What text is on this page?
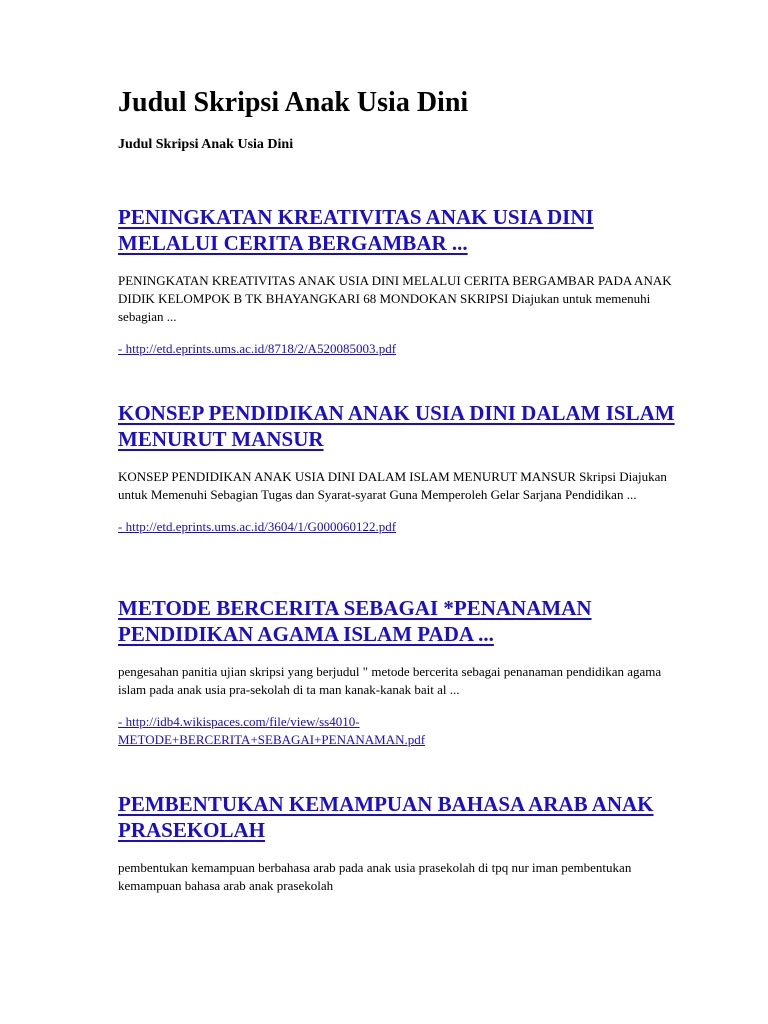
Judul Skripsi Anak Usia Dini

Judul Skripsi Anak Usia Dini

PENINGKATAN KREATIVITAS ANAK USIA DINI MELALUI CERITA BERGAMBAR ...

PENINGKATAN KREATIVITAS ANAK USIA DINI MELALUI CERITA BERGAMBAR PADA ANAK DIDIK KELOMPOK B TK BHAYANGKARI 68 MONDOKAN SKRIPSI Diajukan untuk memenuhi sebagian ...

- http://etd.eprints.ums.ac.id/8718/2/A520085003.pdf
KONSEP PENDIDIKAN ANAK USIA DINI DALAM ISLAM MENURUT MANSUR

KONSEP PENDIDIKAN ANAK USIA DINI DALAM ISLAM MENURUT MANSUR Skripsi Diajukan untuk Memenuhi Sebagian Tugas dan Syarat-syarat Guna Memperoleh Gelar Sarjana Pendidikan ...

- http://etd.eprints.ums.ac.id/3604/1/G000060122.pdf
METODE BERCERITA SEBAGAI *PENANAMAN PENDIDIKAN AGAMA ISLAM PADA ...

pengesahan panitia ujian skripsi yang berjudul " metode bercerita sebagai penanaman pendidikan agama islam pada anak usia pra-sekolah di ta man kanak-kanak bait al ...

- http://idb4.wikispaces.com/file/view/ss4010-
METODE+BERCERITA+SEBAGAI+PENANAMAN.pdf
PEMBENTUKAN KEMAMPUAN BAHASA ARAB ANAK PRASEKOLAH

pembentukan kemampuan berbahasa arab pada anak usia prasekolah di tpq nur iman pembentukan kemampuan bahasa arab anak prasekolah
